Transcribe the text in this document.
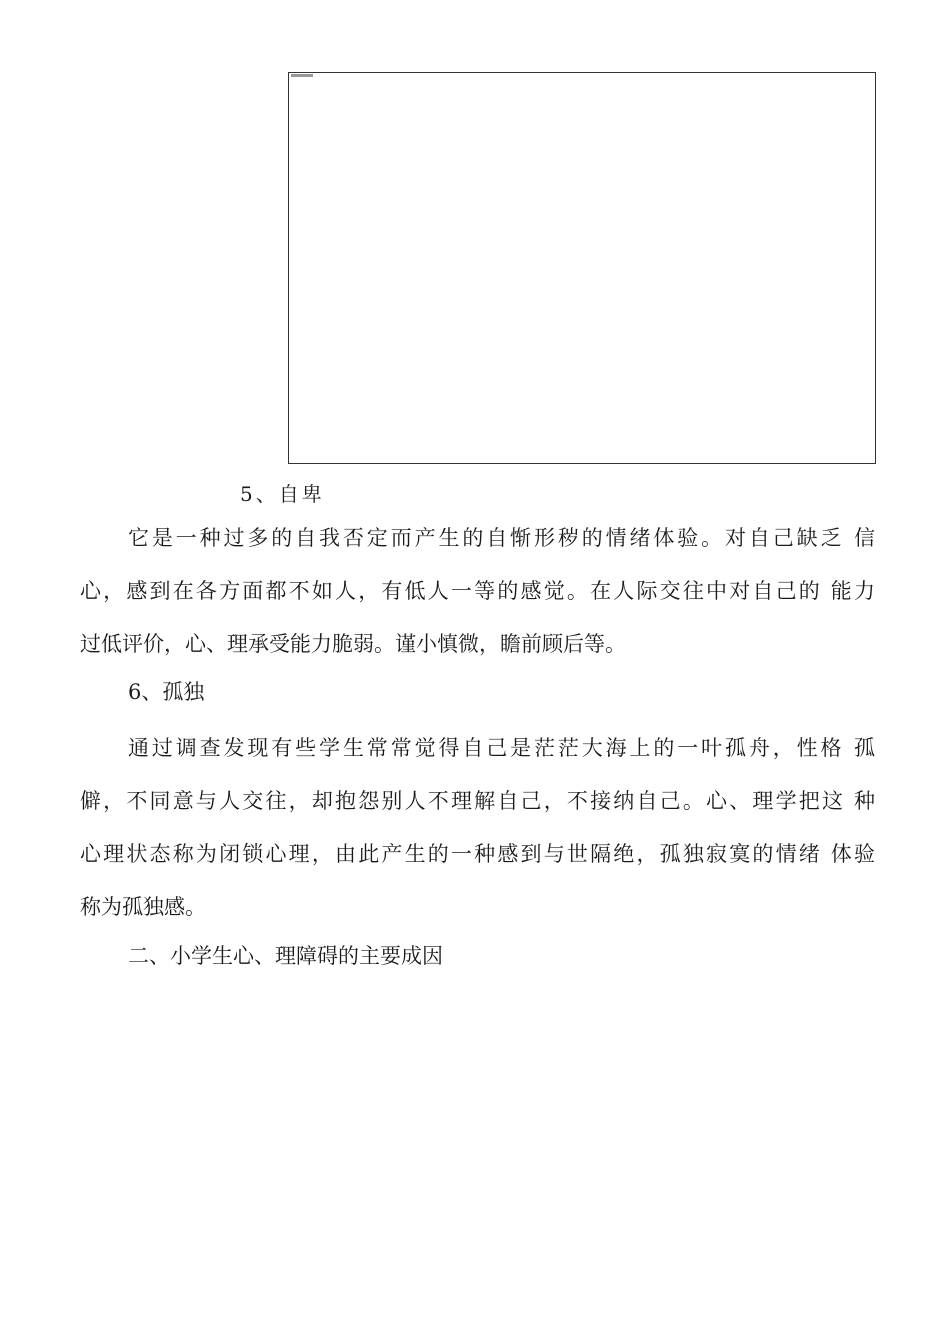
5、自卑
它是一种过多的自我否定而产生的自惭形秽的情绪体验。对自己缺乏 信
心，感到在各方面都不如人，有低人一等的感觉。在人际交往中对自己的 能力
过低评价，心、理承受能力脆弱。谨小慎微，瞻前顾后等。
6、孤独
通过调查发现有些学生常常觉得自己是茫茫大海上的一叶孤舟，性格 孤
僻，不同意与人交往，却抱怨别人不理解自己，不接纳自己。心、理学把这 种
心理状态称为闭锁心理，由此产生的一种感到与世隔绝，孤独寂寞的情绪 体验
称为孤独感。
二、小学生心、理障碍的主要成因
